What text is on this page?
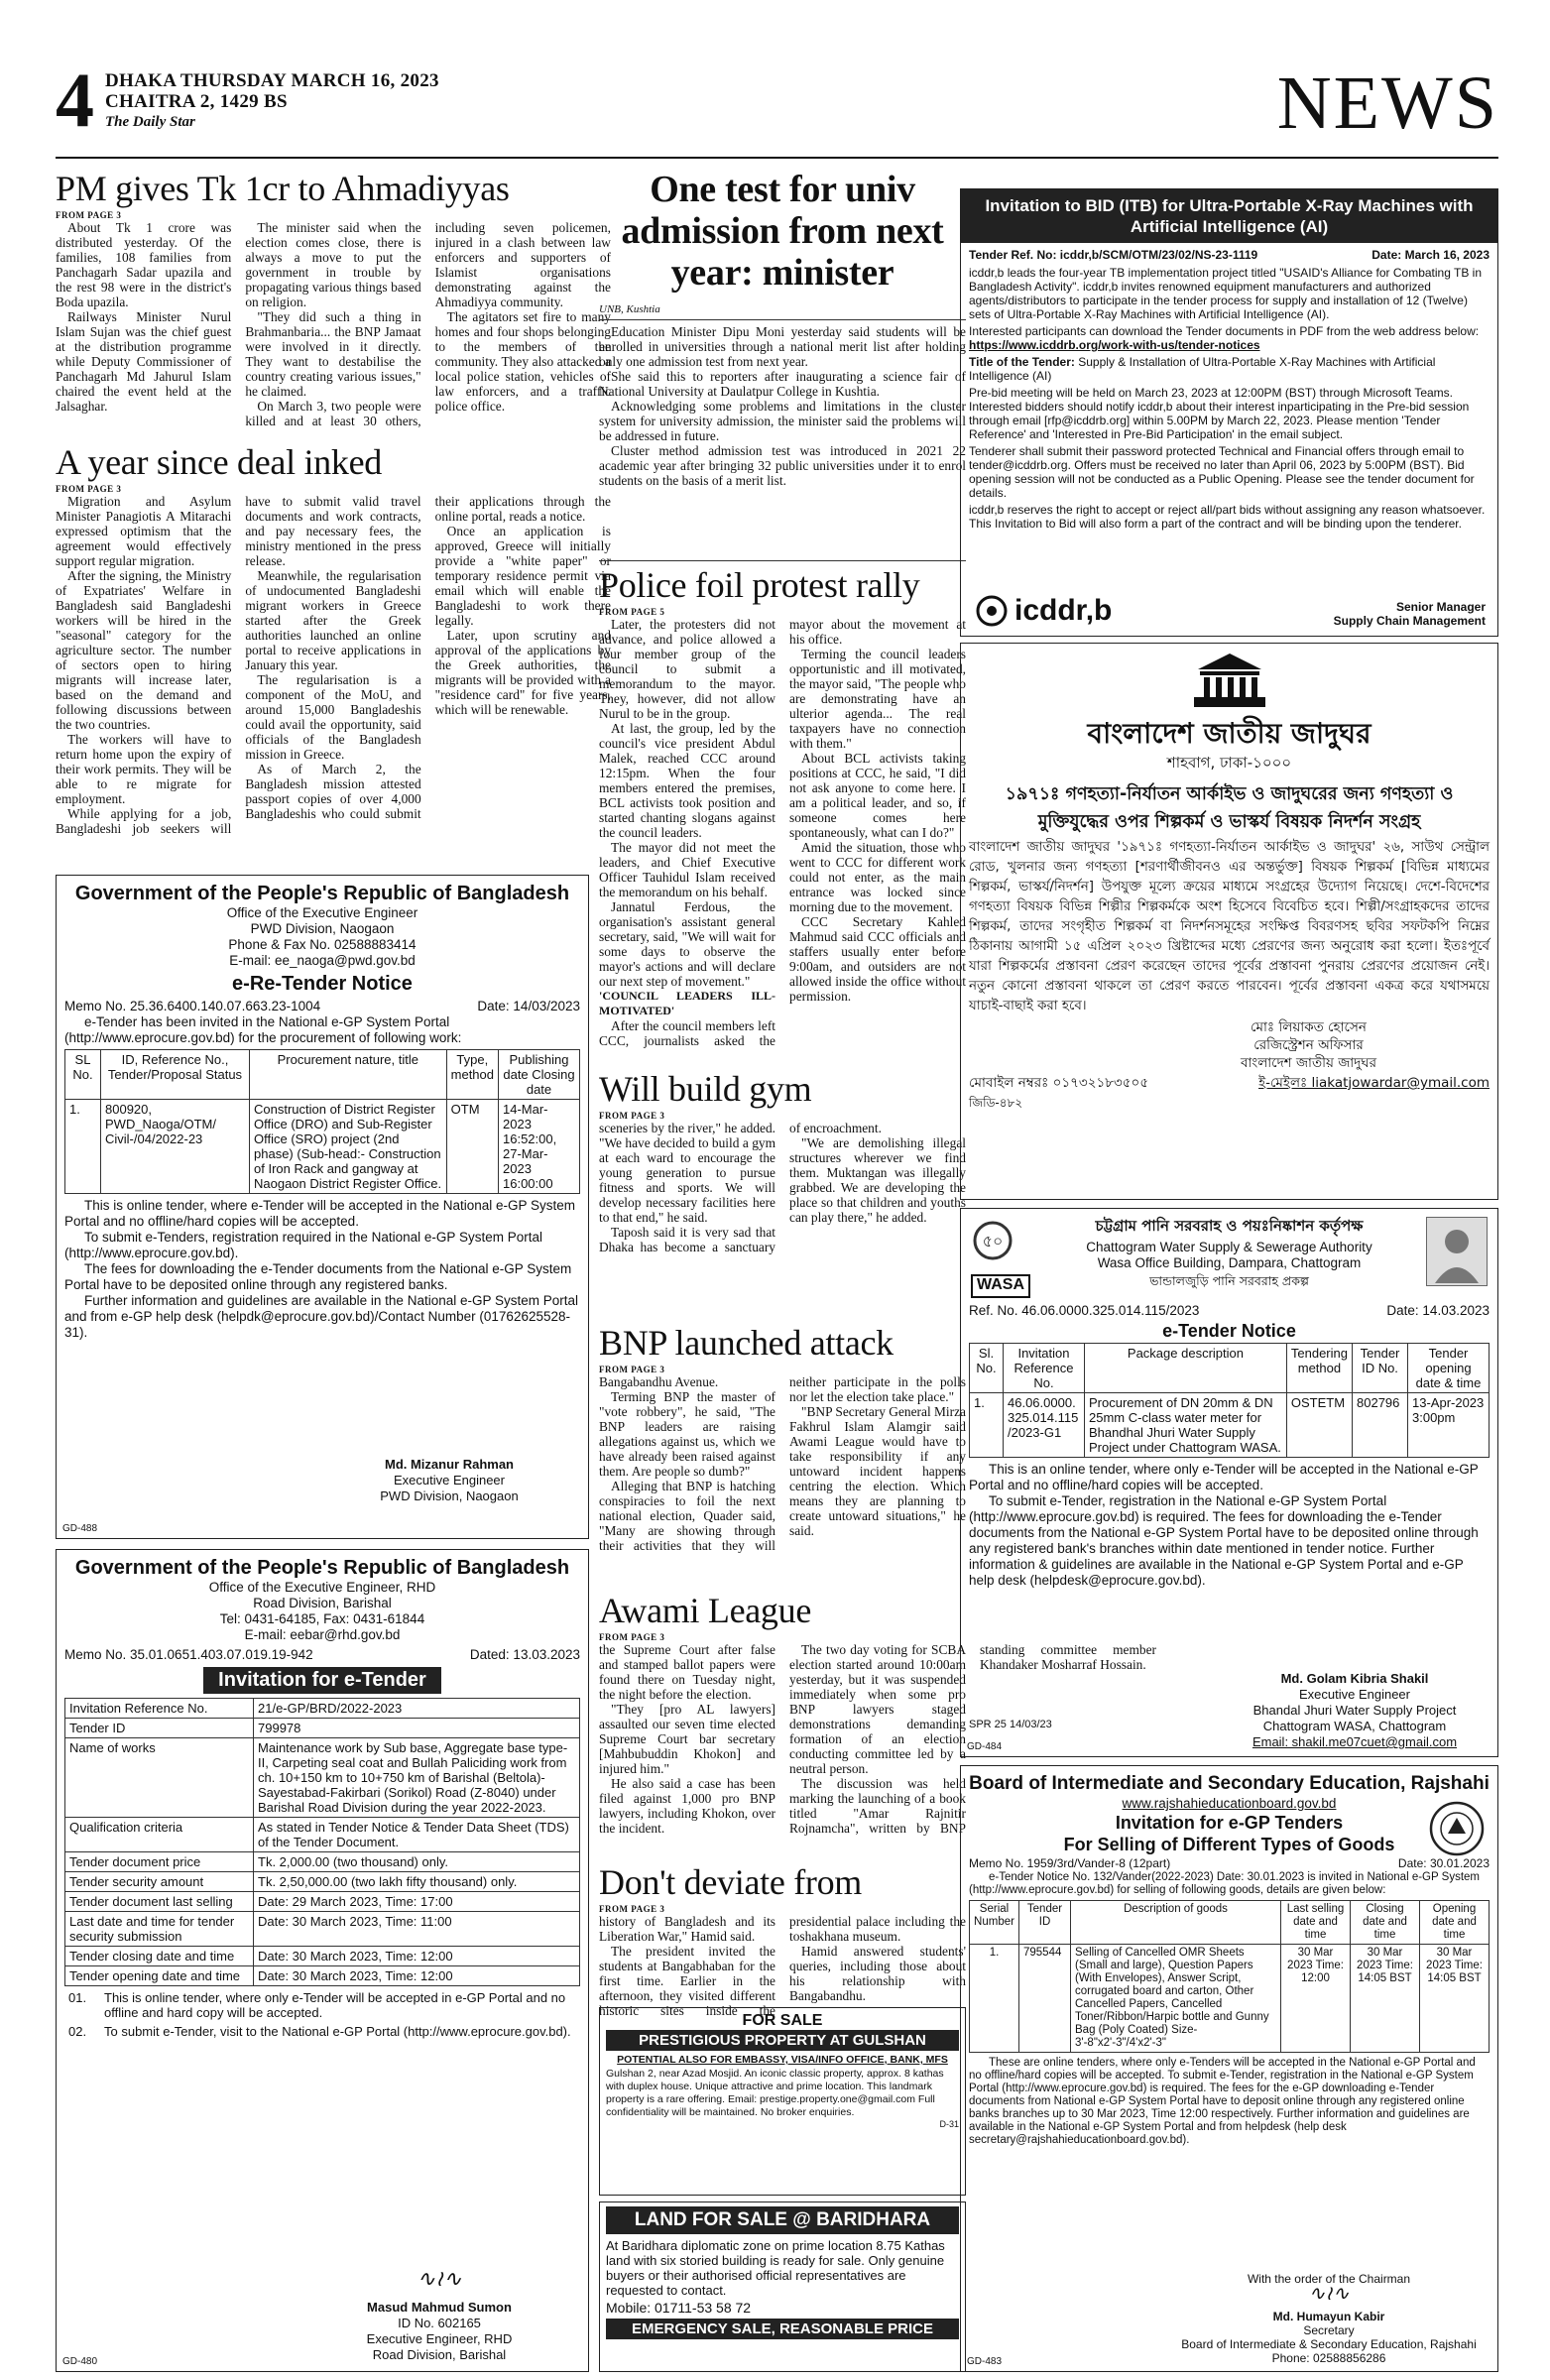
4 DHAKA THURSDAY MARCH 16, 2023
CHAITRA 2, 1429 BS
The Daily Star	NEWS
PM gives Tk 1cr to Ahmadiyyas
FROM PAGE 3

About Tk 1 crore was distributed yesterday. Of the families, 108 families from Panchagarh Sadar upazila and the rest 98 were in the district's Boda upazila.

Railways Minister Nurul Islam Sujan was the chief guest at the distribution programme while Deputy Commissioner of Panchagarh Md Jahurul Islam chaired the event held at the Jalsaghar.

The minister said when the election comes close, there is always a move to put the government in trouble by propagating various things based on religion.

"They did such a thing in Brahmanbaria... the BNP Jamaat were involved in it directly. They want to destabilise the country creating various issues," he claimed.

On March 3, two people were killed and at least 30 others, including seven policemen, injured in a clash between law enforcers and supporters of Islamist organisations demonstrating against the Ahmadiyya community.

The agitators set fire to many homes and four shops belonging to the members of the community. They also attacked a local police station, vehicles of law enforcers, and a traffic police office.

A year since deal inked
FROM PAGE 3

Migration and Asylum Minister Panagiotis A Mitarachi expressed optimism that the agreement would effectively support regular migration.

After the signing, the Ministry of Expatriates' Welfare in Bangladesh said Bangladeshi workers will be hired in the "seasonal" category for the agriculture sector. The number of sectors open to hiring migrants will increase later, based on the demand and following discussions between the two countries.

The workers will have to return home upon the expiry of their work permits. They will be able to re migrate for employment.

While applying for a job, Bangladeshi job seekers will have to submit valid travel documents and work contracts, and pay necessary fees, the ministry mentioned in the press release.

Meanwhile, the regularisation of undocumented Bangladeshi migrant workers in Greece started after the Greek authorities launched an online portal to receive applications in January this year.

The regularisation is a component of the MoU, and around 15,000 Bangladeshis could avail the opportunity, said officials of the Bangladesh mission in Greece.

As of March 2, the Bangladesh mission attested passport copies of over 4,000 Bangladeshis who could submit their applications through the online portal, reads a notice.

Once an application is approved, Greece will initially provide a "white paper" or temporary residence permit via email which will enable the Bangladeshi to work there legally.

Later, upon scrutiny and approval of the applications by the Greek authorities, the migrants will be provided with a "residence card" for five years, which will be renewable.

Government of the People's Republic of Bangladesh
Office of the Executive Engineer
PWD Division, Naogaon
Phone & Fax No. 02588883414
E-mail: ee_naoga@pwd.gov.bd
e-Re-Tender Notice
Memo No. 25.36.6400.140.07.663.23-1004	Date: 14/03/2023
e-Tender has been invited in the National e-GP System Portal (http://www.eprocure.gov.bd) for the procurement of following work:
SL No.	ID, Reference No., Tender/Proposal Status	Procurement nature, title	Type, method	Publishing date Closing date
1.	800920, PWD_Naoga/OTM/ Civil-/04/2022-23	Construction of District Register Office (DRO) and Sub-Register Office (SRO) project (2nd phase) (Sub-head:- Construction of Iron Rack and gangway at Naogaon District Register Office.	OTM	14-Mar-2023 16:52:00, 27-Mar-2023 16:00:00

This is online tender, where e-Tender will be accepted in the National e-GP System Portal and no offline/hard copies will be accepted.

To submit e-Tenders, registration required in the National e-GP System Portal (http://www.eprocure.gov.bd).

The fees for downloading the e-Tender documents from the National e-GP System Portal have to be deposited online through any registered banks.

Further information and guidelines are available in the National e-GP System Portal and from e-GP help desk (helpdk@eprocure.gov.bd)/Contact Number (01762625528-31).

Md. Mizanur Rahman
Executive Engineer
PWD Division, Naogaon
GD-488
Government of the People's Republic of Bangladesh
Office of the Executive Engineer, RHD
Road Division, Barishal
Tel: 0431-64185, Fax: 0431-61844
E-mail: eebar@rhd.gov.bd
Memo No. 35.01.0651.403.07.019.19-942	Dated: 13.03.2023
Invitation for e-Tender
Invitation Reference No.	21/e-GP/BRD/2022-2023
Tender ID	799978
Name of works	Maintenance work by Sub base, Aggregate base type-II, Carpeting seal coat and Bullah Paliciding work from ch. 10+150 km to 10+750 km of Barishal (Beltola)-Sayestabad-Fakirbari (Sorikol) Road (Z-8040) under Barishal Road Division during the year 2022-2023.
Qualification criteria	As stated in Tender Notice & Tender Data Sheet (TDS) of the Tender Document.
Tender document price	Tk. 2,000.00 (two thousand) only.
Tender security amount	Tk. 2,50,000.00 (two lakh fifty thousand) only.
Tender document last selling	Date: 29 March 2023, Time: 17:00
Last date and time for tender security submission	Date: 30 March 2023, Time: 11:00
Tender closing date and time	Date: 30 March 2023, Time: 12:00
Tender opening date and time	Date: 30 March 2023, Time: 12:00
01.	This is online tender, where only e-Tender will be accepted in e-GP Portal and no offline and hard copy will be accepted.
02.	To submit e-Tender, visit to the National e-GP Portal (http://www.eprocure.gov.bd).
∿≀∿
Masud Mahmud Sumon
ID No. 602165
Executive Engineer, RHD
Road Division, Barishal
GD-480
One test for univ admission from next year: minister
UNB, Kushtia

Education Minister Dipu Moni yesterday said students will be enrolled in universities through a national merit list after holding only one admission test from next year.

She said this to reporters after inaugurating a science fair of National University at Daulatpur College in Kushtia.

Acknowledging some problems and limitations in the cluster system for university admission, the minister said the problems will be addressed in future.

Cluster method admission test was introduced in 2021 22 academic year after bringing 32 public universities under it to enrol students on the basis of a merit list.

Police foil protest rally
FROM PAGE 5

Later, the protesters did not advance, and police allowed a four member group of the council to submit a memorandum to the mayor. They, however, did not allow Nurul to be in the group.

At last, the group, led by the council's vice president Abdul Malek, reached CCC around 12:15pm. When the four members entered the premises, BCL activists took position and started chanting slogans against the council leaders.

The mayor did not meet the leaders, and Chief Executive Officer Tauhidul Islam received the memorandum on his behalf.

Jannatul Ferdous, the organisation's assistant general secretary, said, "We will wait for some days to observe the mayor's actions and will declare our next step of movement."

'COUNCIL LEADERS ILL-MOTIVATED'

After the council members left CCC, journalists asked the mayor about the movement at his office.

Terming the council leaders opportunistic and ill motivated, the mayor said, "The people who are demonstrating have an ulterior agenda... The real taxpayers have no connection with them."

About BCL activists taking positions at CCC, he said, "I did not ask anyone to come here. I am a political leader, and so, if someone comes here spontaneously, what can I do?"

Amid the situation, those who went to CCC for different work could not enter, as the main entrance was locked since morning due to the movement.

CCC Secretary Kahled Mahmud said CCC officials and staffers usually enter before 9:00am, and outsiders are not allowed inside the office without permission.

Will build gym
FROM PAGE 3

sceneries by the river," he added. "We have decided to build a gym at each ward to encourage the young generation to pursue fitness and sports. We will develop necessary facilities here to that end," he said.

Taposh said it is very sad that Dhaka has become a sanctuary of encroachment.

"We are demolishing illegal structures wherever we find them. Muktangan was illegally grabbed. We are developing the place so that children and youths can play there," he added.

BNP launched attack
FROM PAGE 3

Bangabandhu Avenue.

Terming BNP the master of "vote robbery", he said, "The BNP leaders are raising allegations against us, which we have already been raised against them. Are people so dumb?"

Alleging that BNP is hatching conspiracies to foil the next national election, Quader said, "Many are showing through their activities that they will neither participate in the polls nor let the election take place."

"BNP Secretary General Mirza Fakhrul Islam Alamgir said Awami League would have to take responsibility if any untoward incident happens centring the election. Which means they are planning to create untoward situations," he said.

Awami League
FROM PAGE 3

the Supreme Court after false and stamped ballot papers were found there on Tuesday night, the night before the election.

"They [pro AL lawyers] assaulted our seven time elected Supreme Court bar secretary [Mahbubuddin Khokon] and injured him."

He also said a case has been filed against 1,000 pro BNP lawyers, including Khokon, over the incident.

The two day voting for SCBA election started around 10:00am yesterday, but it was suspended immediately when some pro BNP lawyers staged demonstrations demanding formation of an election conducting committee led by a neutral person.

The discussion was held marking the launching of a book titled "Amar Rajnitir Rojnamcha", written by BNP standing committee member Khandaker Mosharraf Hossain.

Don't deviate from
FROM PAGE 3

history of Bangladesh and its Liberation War," Hamid said.

The president invited the students at Bangabhaban for the first time. Earlier in the afternoon, they visited different historic sites inside the presidential palace including the toshakhana museum.

Hamid answered students' queries, including those about his relationship with Bangabandhu.

FOR SALE
PRESTIGIOUS PROPERTY AT GULSHAN
POTENTIAL ALSO FOR EMBASSY, VISA/INFO OFFICE, BANK, MFS
Gulshan 2, near Azad Mosjid. An iconic classic property, approx. 8 kathas with duplex house. Unique attractive and prime location. This landmark property is a rare offering. Email: prestige.property.one@gmail.com Full confidentiality will be maintained. No broker enquiries.
D-31
LAND FOR SALE @ BARIDHARA
At Baridhara diplomatic zone on prime location 8.75 Kathas land with six storied building is ready for sale. Only genuine buyers or their authorised official representatives are requested to contact.
Mobile: 01711-53 58 72
EMERGENCY SALE, REASONABLE PRICE
Invitation to BID (ITB) for Ultra-Portable X-Ray Machines with Artificial Intelligence (AI)
Tender Ref. No: icddr,b/SCM/OTM/23/02/NS-23-1119	Date: March 16, 2023

icddr,b leads the four-year TB implementation project titled "USAID's Alliance for Combating TB in Bangladesh Activity". icddr,b invites renowned equipment manufacturers and authorized agents/distributors to participate in the tender process for supply and installation of 12 (Twelve) sets of Ultra-Portable X-Ray Machines with Artificial Intelligence (AI).

Interested participants can download the Tender documents in PDF from the web address below:

https://www.icddrb.org/work-with-us/tender-notices

Title of the Tender: Supply & Installation of Ultra-Portable X-Ray Machines with Artificial Intelligence (AI)

Pre-bid meeting will be held on March 23, 2023 at 12:00PM (BST) through Microsoft Teams. Interested bidders should notify icddr,b about their interest inparticipating in the Pre-bid session through email [rfp@icddrb.org] within 5.00PM by March 22, 2023. Please mention 'Tender Reference' and 'Interested in Pre-Bid Participation' in the email subject.

Tenderer shall submit their password protected Technical and Financial offers through email to tender@icddrb.org. Offers must be received no later than April 06, 2023 by 5:00PM (BST). Bid opening session will not be conducted as a Public Opening. Please see the tender document for details.

icddr,b reserves the right to accept or reject all/part bids without assigning any reason whatsoever. This Invitation to Bid will also form a part of the contract and will be binding upon the tenderer.

icddr,b	Senior Manager
Supply Chain Management
বাংলাদেশ জাতীয় জাদুঘর
শাহবাগ, ঢাকা-১০০০
১৯৭১ঃ গণহত্যা-নির্যাতন আর্কাইভ ও জাদুঘরের জন্য গণহত্যা ও মুক্তিযুদ্ধের ওপর শিল্পকর্ম ও ভাস্কর্য বিষয়ক নিদর্শন সংগ্রহ
বাংলাদেশ জাতীয় জাদুঘর '১৯৭১ঃ গণহত্যা-নির্যাতন আর্কাইভ ও জাদুঘর' ২৬, সাউথ সেন্ট্রাল রোড, খুলনার জন্য গণহত্যা [শরণার্থীজীবনও এর অন্তর্ভুক্ত] বিষয়ক শিল্পকর্ম [বিভিন্ন মাধ্যমের শিল্পকর্ম, ভাস্কর্য/নিদর্শন] উপযুক্ত মূল্যে ক্রয়ের মাধ্যমে সংগ্রহের উদ্যোগ নিয়েছে। দেশে-বিদেশের গণহত্যা বিষয়ক বিভিন্ন শিল্পীর শিল্পকর্মকে অংশ হিসেবে বিবেচিত হবে। শিল্পী/সংগ্রাহকদের তাদের শিল্পকর্ম, তাদের সংগৃহীত শিল্পকর্ম বা নিদর্শনসমূহের সংক্ষিপ্ত বিবরণসহ ছবির সফটকপি নিম্নের ঠিকানায় আগামী ১৫ এপ্রিল ২০২৩ খ্রিষ্টাব্দের মধ্যে প্রেরণের জন্য অনুরোধ করা হলো। ইতঃপূর্বে যারা শিল্পকর্মের প্রস্তাবনা প্রেরণ করেছেন তাদের পূর্বের প্রস্তাবনা পুনরায় প্রেরণের প্রয়োজন নেই। নতুন কোনো প্রস্তাবনা থাকলে তা প্রেরণ করতে পারবেন। পূর্বের প্রস্তাবনা একত্র করে যথাসময়ে যাচাই-বাছাই করা হবে।
মোঃ লিয়াকত হোসেন
রেজিস্ট্রেশন অফিসার
বাংলাদেশ জাতীয় জাদুঘর
মোবাইল নম্বরঃ ০১৭৩২১৮৩৫০৫	ই-মেইলঃ liakatjowardar@ymail.com
জিডি-৪৮২
৫০
WASA
চট্টগ্রাম পানি সরবরাহ ও পয়ঃনিষ্কাশন কর্তৃপক্ষ
Chattogram Water Supply & Sewerage Authority
Wasa Office Building, Dampara, Chattogram
ভান্ডালজুড়ি পানি সরবরাহ প্রকল্প
Ref. No. 46.06.0000.325.014.115/2023	Date: 14.03.2023
e-Tender Notice
Sl. No.	Invitation Reference No.	Package description	Tendering method	Tender ID No.	Tender opening date & time
1.	46.06.0000. 325.014.115 /2023-G1	Procurement of DN 20mm & DN 25mm C-class water meter for Bhandhal Jhuri Water Supply Project under Chattogram WASA.	OSTETM	802796	13-Apr-2023 3:00pm

This is an online tender, where only e-Tender will be accepted in the National e-GP Portal and no offline/hard copies will be accepted.

To submit e-Tender, registration in the National e-GP System Portal (http://www.eprocure.gov.bd) is required. The fees for downloading the e-Tender documents from the National e-GP System Portal have to be deposited online through any registered bank's branches within date mentioned in tender notice. Further information & guidelines are available in the National e-GP System Portal and e-GP help desk (helpdesk@eprocure.gov.bd).

Md. Golam Kibria Shakil
Executive Engineer
Bhandal Jhuri Water Supply Project
Chattogram WASA, Chattogram
Email: shakil.me07cuet@gmail.com
SPR 25 14/03/23
GD-484
Board of Intermediate and Secondary Education, Rajshahi
www.rajshahieducationboard.gov.bd
Invitation for e-GP Tenders
For Selling of Different Types of Goods
Memo No. 1959/3rd/Vander-8 (12part)	Date: 30.01.2023
e-Tender Notice No. 132/Vander(2022-2023) Date: 30.01.2023 is invited in National e-GP System (http://www.eprocure.gov.bd) for selling of following goods, details are given below:
Serial Number	Tender ID	Description of goods	Last selling date and time	Closing date and time	Opening date and time
1.	795544	Selling of Cancelled OMR Sheets (Small and large), Question Papers (With Envelopes), Answer Script, corrugated board and carton, Other Cancelled Papers, Cancelled Toner/Ribbon/Harpic bottle and Gunny Bag (Poly Coated) Size-3'-8"x2'-3"/4'x2'-3"	30 Mar 2023 Time: 12:00	30 Mar 2023 Time: 14:05 BST	30 Mar 2023 Time: 14:05 BST
These are online tenders, where only e-Tenders will be accepted in the National e-GP Portal and no offline/hard copies will be accepted. To submit e-Tender, registration in the National e-GP System Portal (http://www.eprocure.gov.bd) is required. The fees for the e-GP downloading e-Tender documents from National e-GP System Portal have to deposit online through any registered online banks branches up to 30 Mar 2023, Time 12:00 respectively. Further information and guidelines are available in the National e-GP System Portal and from helpdesk (help desk secretary@rajshahieducationboard.gov.bd).
With the order of the Chairman
∿≀∿
Md. Humayun Kabir
Secretary
Board of Intermediate & Secondary Education, Rajshahi
Phone: 02588856286
GD-483
